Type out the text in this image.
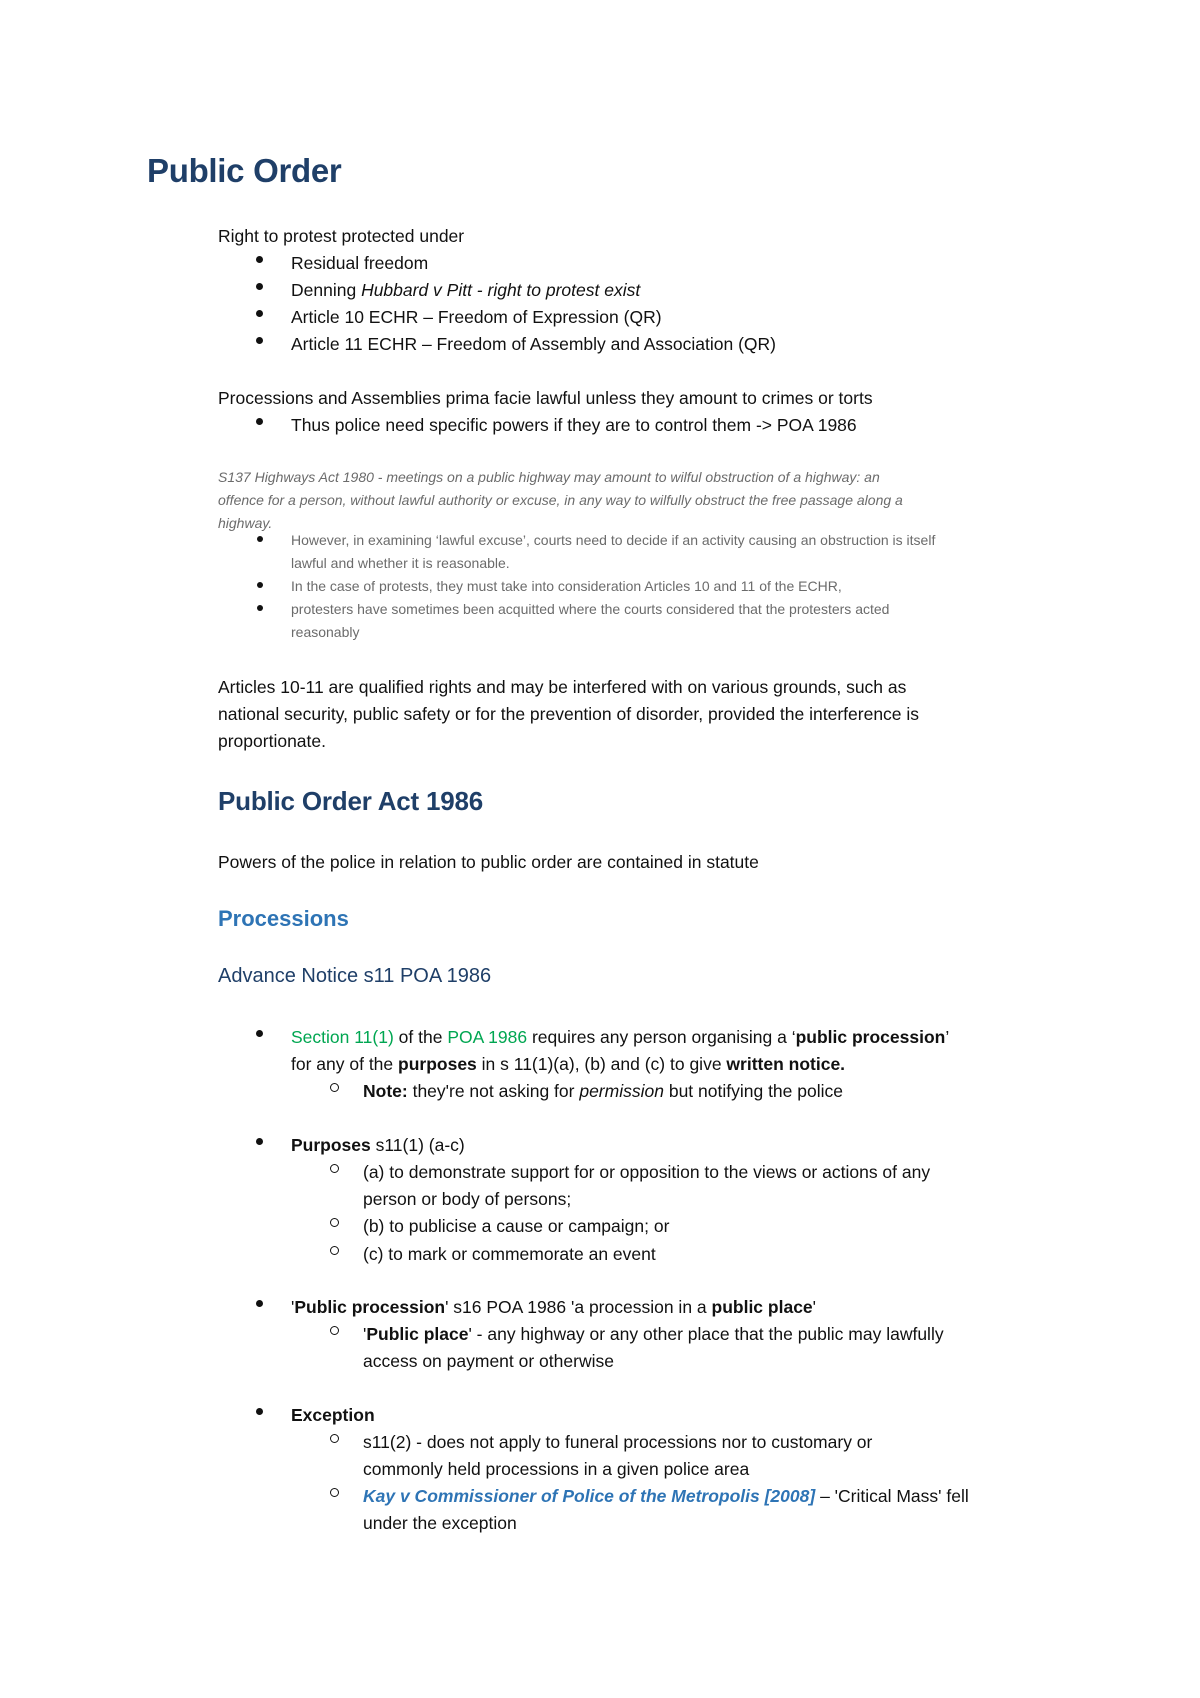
Public Order
Right to protest protected under
Residual freedom
Denning Hubbard v Pitt - right to protest exist
Article 10 ECHR – Freedom of Expression (QR)
Article 11 ECHR – Freedom of Assembly and Association (QR)
Processions and Assemblies prima facie lawful unless they amount to crimes or torts
Thus police need specific powers if they are to control them -> POA 1986
S137 Highways Act 1980 - meetings on a public highway may amount to wilful obstruction of a highway: an
offence for a person, without lawful authority or excuse, in any way to wilfully obstruct the free passage along a
highway.
However, in examining ‘lawful excuse’, courts need to decide if an activity causing an obstruction is itself
lawful and whether it is reasonable.
In the case of protests, they must take into consideration Articles 10 and 11 of the ECHR,
protesters have sometimes been acquitted where the courts considered that the protesters acted
reasonably
Articles 10-11 are qualified rights and may be interfered with on various grounds, such as
national security, public safety or for the prevention of disorder, provided the interference is
proportionate.
Public Order Act 1986
Powers of the police in relation to public order are contained in statute
Processions
Advance Notice s11 POA 1986
Section 11(1) of the POA 1986 requires any person organising a ‘public procession’
for any of the purposes in s 11(1)(a), (b) and (c) to give written notice.
Note: they're not asking for permission but notifying the police
Purposes s11(1) (a-c)
(a) to demonstrate support for or opposition to the views or actions of any
person or body of persons;
(b) to publicise a cause or campaign; or
(c) to mark or commemorate an event
'Public procession' s16 POA 1986 'a procession in a public place'
'Public place' - any highway or any other place that the public may lawfully
access on payment or otherwise
Exception
s11(2) - does not apply to funeral processions nor to customary or
commonly held processions in a given police area
Kay v Commissioner of Police of the Metropolis [2008] – 'Critical Mass' fell
under the exception
